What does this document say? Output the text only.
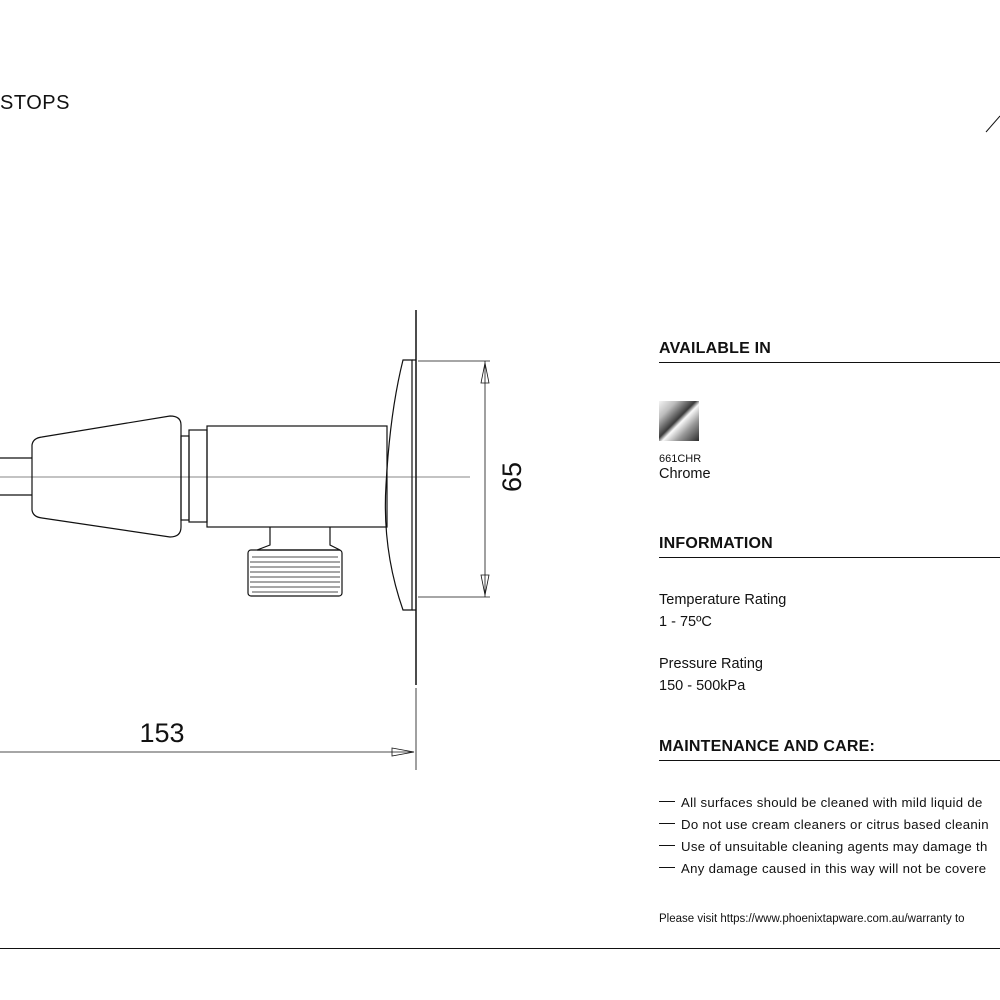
STOPS
65
153
AVAILABLE IN
661CHR
Chrome
INFORMATION
Temperature Rating
1 - 75ºC
Pressure Rating
150 - 500kPa
MAINTENANCE AND CARE:
All surfaces should be cleaned with mild liquid de
Do not use cream cleaners or citrus based cleanin
Use of unsuitable cleaning agents may damage th
Any damage caused in this way will not be covere
Please visit https://www.phoenixtapware.com.au/warranty to
